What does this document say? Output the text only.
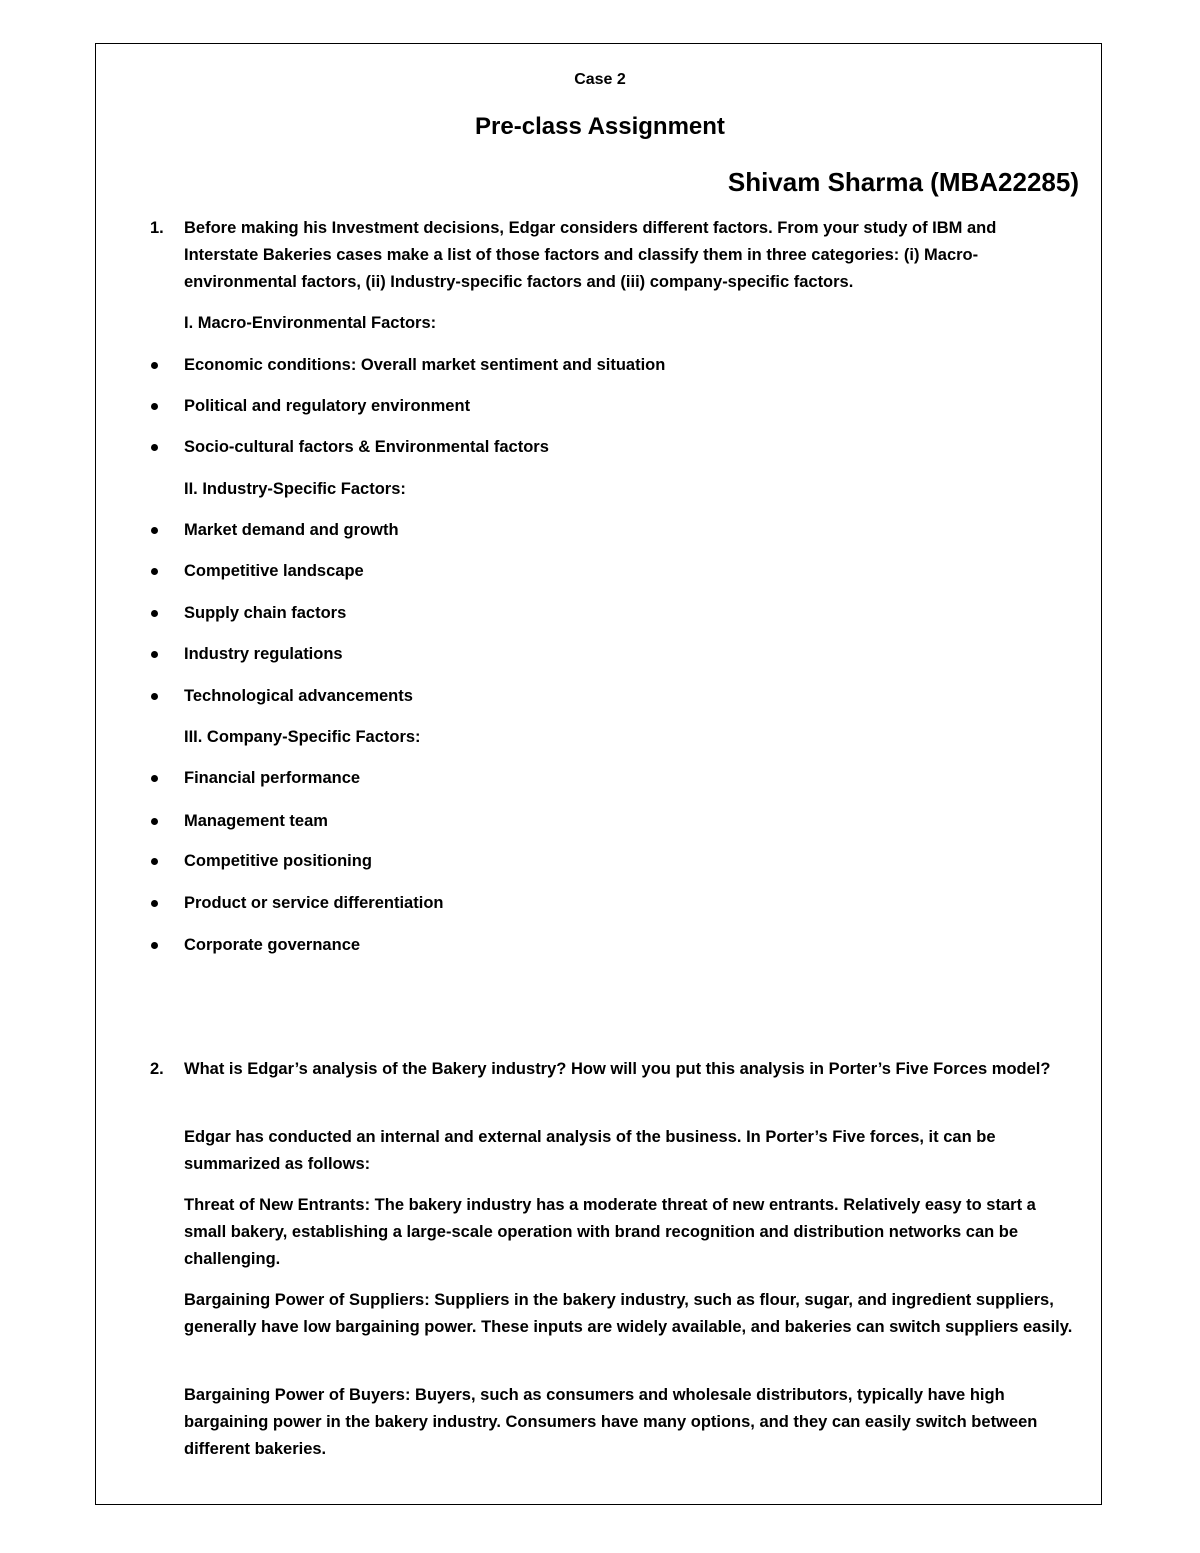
Case 2
Pre-class Assignment
Shivam Sharma (MBA22285)
1. Before making his Investment decisions, Edgar considers different factors. From your study of IBM and Interstate Bakeries cases make a list of those factors and classify them in three categories: (i) Macro-environmental factors, (ii) Industry-specific factors and (iii) company-specific factors.
I. Macro-Environmental Factors:
Economic conditions: Overall market sentiment and situation
Political and regulatory environment
Socio-cultural factors & Environmental factors
II. Industry-Specific Factors:
Market demand and growth
Competitive landscape
Supply chain factors
Industry regulations
Technological advancements
III. Company-Specific Factors:
Financial performance
Management team
Competitive positioning
Product or service differentiation
Corporate governance
2. What is Edgar’s analysis of the Bakery industry? How will you put this analysis in Porter’s Five Forces model?
Edgar has conducted an internal and external analysis of the business. In Porter’s Five forces, it can be summarized as follows:
Threat of New Entrants: The bakery industry has a moderate threat of new entrants. Relatively easy to start a small bakery, establishing a large-scale operation with brand recognition and distribution networks can be challenging.
Bargaining Power of Suppliers: Suppliers in the bakery industry, such as flour, sugar, and ingredient suppliers, generally have low bargaining power. These inputs are widely available, and bakeries can switch suppliers easily.
Bargaining Power of Buyers: Buyers, such as consumers and wholesale distributors, typically have high bargaining power in the bakery industry. Consumers have many options, and they can easily switch between different bakeries.
